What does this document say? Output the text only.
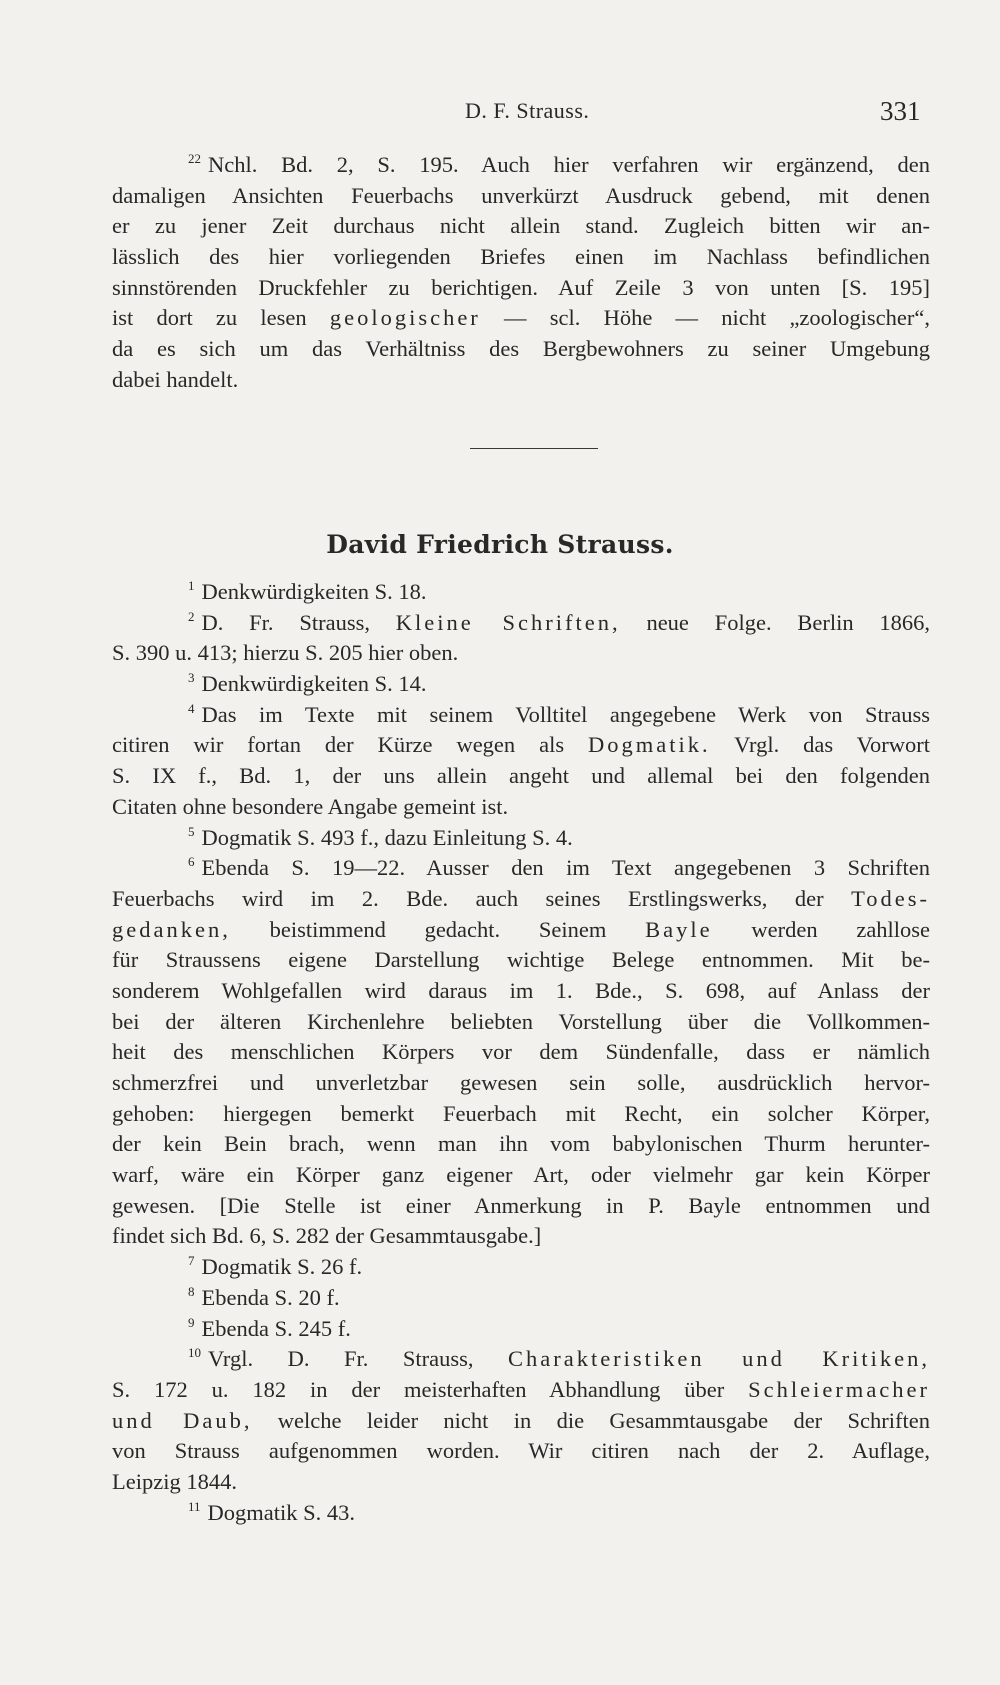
D. F. Strauss.	331
$^{22}$ Nchl. Bd. 2, S. 195. Auch hier verfahren wir ergänzend, den
damaligen Ansichten Feuerbachs unverkürzt Ausdruck gebend, mit denen
er zu jener Zeit durchaus nicht allein stand. Zugleich bitten wir an-
lässlich des hier vorliegenden Briefes einen im Nachlass befindlichen
sinnstörenden Druckfehler zu berichtigen. Auf Zeile 3 von unten [S. 195]
ist dort zu lesen geologischer — scl. Höhe — nicht „zoologischer“,
da es sich um das Verhältniss des Bergbewohners zu seiner Umgebung
dabei handelt.
David Friedrich Strauss.
$^1$ Denkwürdigkeiten S. 18.
$^2$ D. Fr. Strauss, Kleine Schriften, neue Folge. Berlin 1866,
S. 390 u. 413; hierzu S. 205 hier oben.
$^3$ Denkwürdigkeiten S. 14.
$^4$ Das im Texte mit seinem Volltitel angegebene Werk von Strauss
citiren wir fortan der Kürze wegen als Dogmatik. Vrgl. das Vorwort
S. IX f., Bd. 1, der uns allein angeht und allemal bei den folgenden
Citaten ohne besondere Angabe gemeint ist.
$^5$ Dogmatik S. 493 f., dazu Einleitung S. 4.
$^6$ Ebenda S. 19—22. Ausser den im Text angegebenen 3 Schriften
Feuerbachs wird im 2. Bde. auch seines Erstlingswerks, der Todes-
gedanken, beistimmend gedacht. Seinem Bayle werden zahllose
für Straussens eigene Darstellung wichtige Belege entnommen. Mit be-
sonderem Wohlgefallen wird daraus im 1. Bde., S. 698, auf Anlass der
bei der älteren Kirchenlehre beliebten Vorstellung über die Vollkommen-
heit des menschlichen Körpers vor dem Sündenfalle, dass er nämlich
schmerzfrei und unverletzbar gewesen sein solle, ausdrücklich hervor-
gehoben: hiergegen bemerkt Feuerbach mit Recht, ein solcher Körper,
der kein Bein brach, wenn man ihn vom babylonischen Thurm herunter-
warf, wäre ein Körper ganz eigener Art, oder vielmehr gar kein Körper
gewesen. [Die Stelle ist einer Anmerkung in P. Bayle entnommen und
findet sich Bd. 6, S. 282 der Gesammtausgabe.]
$^7$ Dogmatik S. 26 f.
$^8$ Ebenda S. 20 f.
$^9$ Ebenda S. 245 f.
$^{10}$ Vrgl. D. Fr. Strauss, Charakteristiken und Kritiken,
S. 172 u. 182 in der meisterhaften Abhandlung über Schleiermacher
und Daub, welche leider nicht in die Gesammtausgabe der Schriften
von Strauss aufgenommen worden. Wir citiren nach der 2. Auflage,
Leipzig 1844.
$^{11}$ Dogmatik S. 43.
